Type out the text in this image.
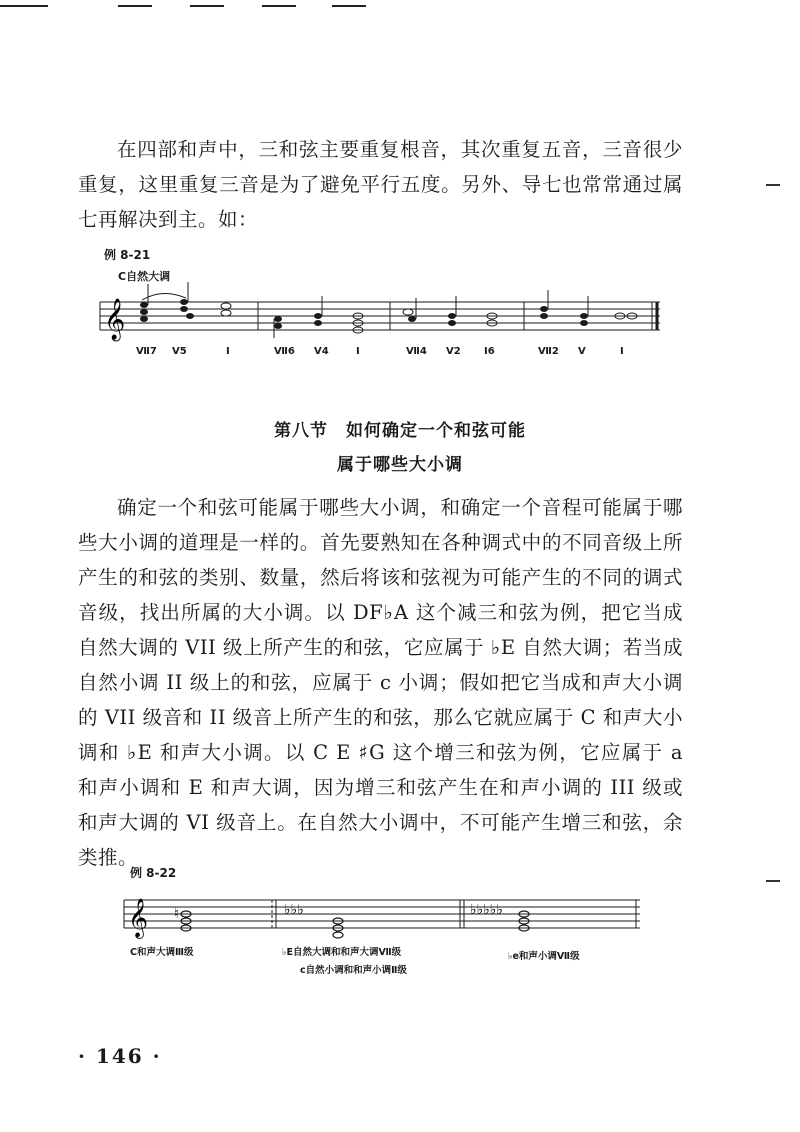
在四部和声中，三和弦主要重复根音，其次重复五音，三音很少重复，这里重复三音是为了避免平行五度。另外、导七也常常通过属七再解决到主。如：

例 8-21
C自然大调
𝄞
Ⅶ7 V5	Ⅰ	Ⅶ6 V4	Ⅰ	Ⅶ4 V2 Ⅰ6	Ⅶ2 V	Ⅰ
第八节　如何确定一个和弦可能
属于哪些大小调

确定一个和弦可能属于哪些大小调，和确定一个音程可能属于哪些大小调的道理是一样的。首先要熟知在各种调式中的不同音级上所产生的和弦的类别、数量，然后将该和弦视为可能产生的不同的调式音级，找出所属的大小调。以 DF♭A 这个减三和弦为例，把它当成自然大调的 VII 级上所产生的和弦，它应属于 ♭E 自然大调；若当成自然小调 II 级上的和弦，应属于 c 小调；假如把它当成和声大小调的 VII 级音和 II 级音上所产生的和弦，那么它就应属于 C 和声大小调和 ♭E 和声大小调。以 C E ♯G 这个增三和弦为例，它应属于 a 和声小调和 E 和声大调，因为增三和弦产生在和声小调的 III 级或和声大调的 VI 级音上。在自然大小调中，不可能产生增三和弦，余类推。

例 8-22
𝄞 ♮	♭♭♭	♭♭♭♭♭
C和声大调Ⅲ级	♭E自然大调和和声大调Ⅶ级
c自然小调和和声小调Ⅱ级
♭e和声小调Ⅶ级
· 146 ·
